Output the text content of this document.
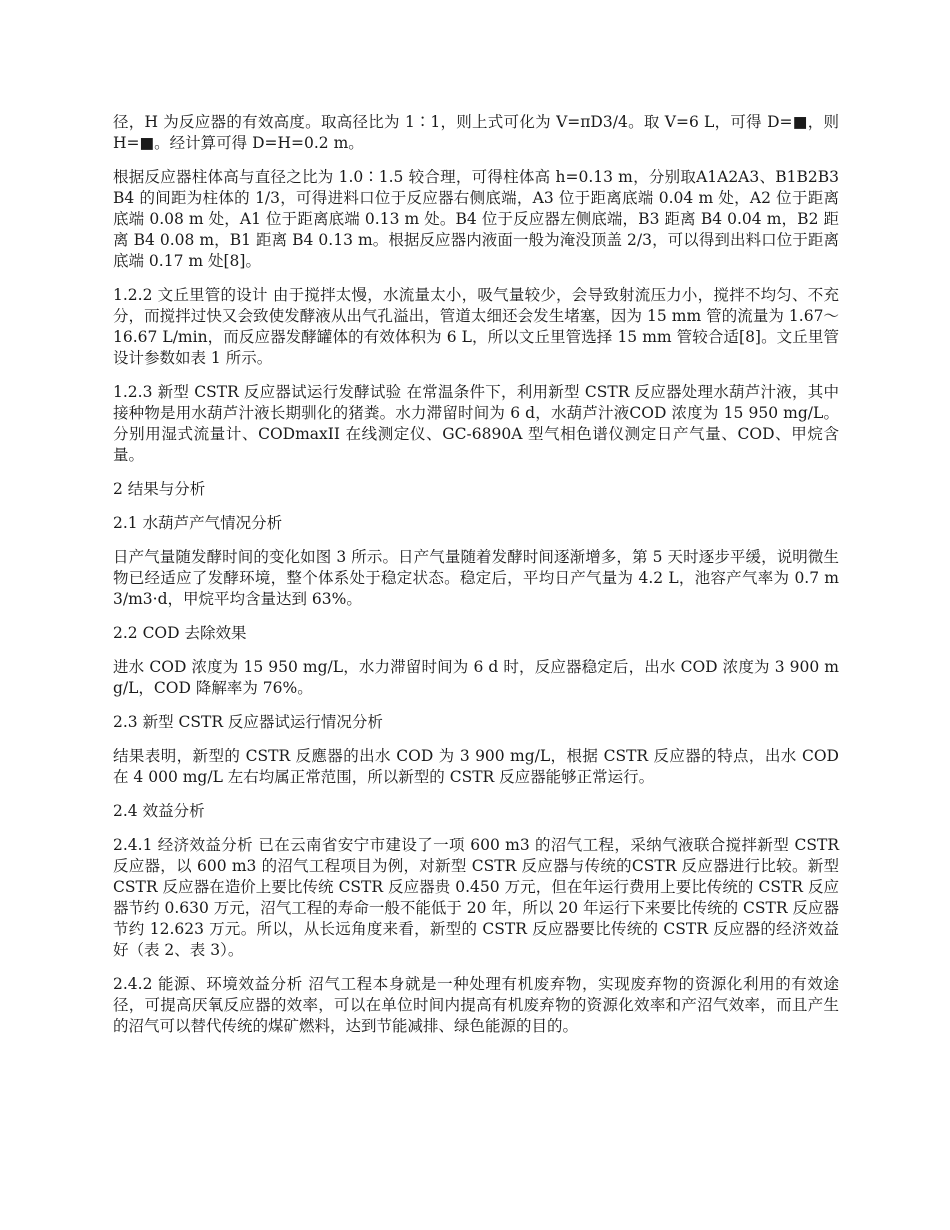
径，H 为反应器的有效高度。取高径比为 1∶1，则上式可化为 V=πD3/4。取 V=6 L，可得 D=■，则 H=■。经计算可得 D=H=0.2 m。

根据反应器柱体高与直径之比为 1.0∶1.5 较合理，可得柱体高 h=0.13 m，分别取A1A2A3、B1B2B3B4 的间距为柱体的 1/3，可得进料口位于反应器右侧底端，A3 位于距离底端 0.04 m 处，A2 位于距离底端 0.08 m 处，A1 位于距离底端 0.13 m 处。B4 位于反应器左侧底端，B3 距离 B4 0.04 m，B2 距离 B4 0.08 m，B1 距离 B4 0.13 m。根据反应器内液面一般为淹没顶盖 2/3，可以得到出料口位于距离底端 0.17 m 处[8]。

1.2.2 文丘里管的设计 由于搅拌太慢，水流量太小，吸气量较少，会导致射流压力小，搅拌不均匀、不充分，而搅拌过快又会致使发酵液从出气孔溢出，管道太细还会发生堵塞，因为 15 mm 管的流量为 1.67～16.67 L/min，而反应器发酵罐体的有效体积为 6 L，所以文丘里管选择 15 mm 管较合适[8]。文丘里管设计参数如表 1 所示。

1.2.3 新型 CSTR 反应器试运行发酵试验 在常温条件下，利用新型 CSTR 反应器处理水葫芦汁液，其中接种物是用水葫芦汁液长期驯化的猪粪。水力滞留时间为 6 d，水葫芦汁液COD 浓度为 15 950 mg/L。分别用湿式流量计、CODmaxII 在线测定仪、GC-6890A 型气相色谱仪测定日产气量、COD、甲烷含量。

2 结果与分析

2.1 水葫芦产气情况分析

日产气量随发酵时间的变化如图 3 所示。日产气量随着发酵时间逐渐增多，第 5 天时逐步平缓，说明微生物已经适应了发酵环境，整个体系处于稳定状态。稳定后，平均日产气量为 4.2 L，池容产气率为 0.7 m3/m3·d，甲烷平均含量达到 63%。

2.2 COD 去除效果

进水 COD 浓度为 15 950 mg/L，水力滞留时间为 6 d 时，反应器稳定后，出水 COD 浓度为 3 900 mg/L，COD 降解率为 76%。

2.3 新型 CSTR 反应器试运行情况分析

结果表明，新型的 CSTR 反應器的出水 COD 为 3 900 mg/L，根据 CSTR 反应器的特点，出水 COD 在 4 000 mg/L 左右均属正常范围，所以新型的 CSTR 反应器能够正常运行。

2.4 效益分析

2.4.1 经济效益分析 已在云南省安宁市建设了一项 600 m3 的沼气工程，采纳气液联合搅拌新型 CSTR 反应器，以 600 m3 的沼气工程项目为例，对新型 CSTR 反应器与传统的CSTR 反应器进行比较。新型 CSTR 反应器在造价上要比传统 CSTR 反应器贵 0.450 万元，但在年运行费用上要比传统的 CSTR 反应器节约 0.630 万元，沼气工程的寿命一般不能低于 20 年，所以 20 年运行下来要比传统的 CSTR 反应器节约 12.623 万元。所以，从长远角度来看，新型的 CSTR 反应器要比传统的 CSTR 反应器的经济效益好（表 2、表 3）。

2.4.2 能源、环境效益分析 沼气工程本身就是一种处理有机废弃物，实现废弃物的资源化利用的有效途径，可提高厌氧反应器的效率，可以在单位时间内提高有机废弃物的资源化效率和产沼气效率，而且产生的沼气可以替代传统的煤矿燃料，达到节能减排、绿色能源的目的。
